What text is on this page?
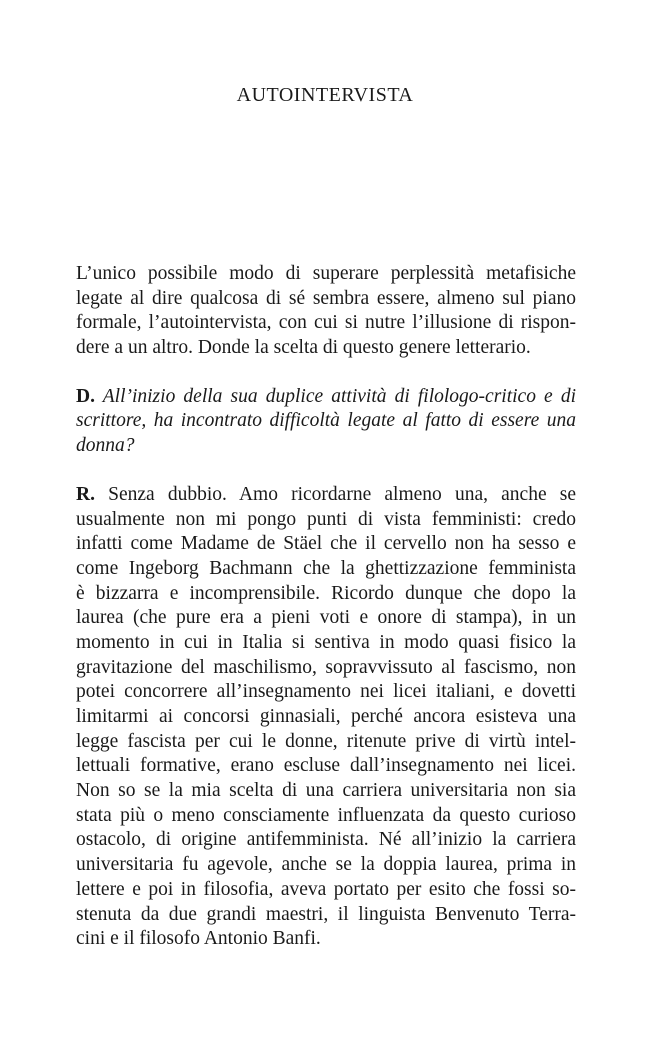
AUTOINTERVISTA
L’unico possibile modo di superare perplessità metafisiche
legate al dire qualcosa di sé sembra essere, almeno sul piano
formale, l’autointervista, con cui si nutre l’illusione di rispon-
dere a un altro. Donde la scelta di questo genere letterario.
D. All’inizio della sua duplice attività di filologo-critico e di
scrittore, ha incontrato difficoltà legate al fatto di essere una
donna?
R. Senza dubbio. Amo ricordarne almeno una, anche se
usualmente non mi pongo punti di vista femministi: credo
infatti come Madame de Stäel che il cervello non ha sesso e
come Ingeborg Bachmann che la ghettizzazione femminista
è bizzarra e incomprensibile. Ricordo dunque che dopo la
laurea (che pure era a pieni voti e onore di stampa), in un
momento in cui in Italia si sentiva in modo quasi fisico la
gravitazione del maschilismo, sopravvissuto al fascismo, non
potei concorrere all’insegnamento nei licei italiani, e dovetti
limitarmi ai concorsi ginnasiali, perché ancora esisteva una
legge fascista per cui le donne, ritenute prive di virtù intel-
lettuali formative, erano escluse dall’insegnamento nei licei.
Non so se la mia scelta di una carriera universitaria non sia
stata più o meno consciamente influenzata da questo curioso
ostacolo, di origine antifemminista. Né all’inizio la carriera
universitaria fu agevole, anche se la doppia laurea, prima in
lettere e poi in filosofia, aveva portato per esito che fossi so-
stenuta da due grandi maestri, il linguista Benvenuto Terra-
cini e il filosofo Antonio Banfi.
